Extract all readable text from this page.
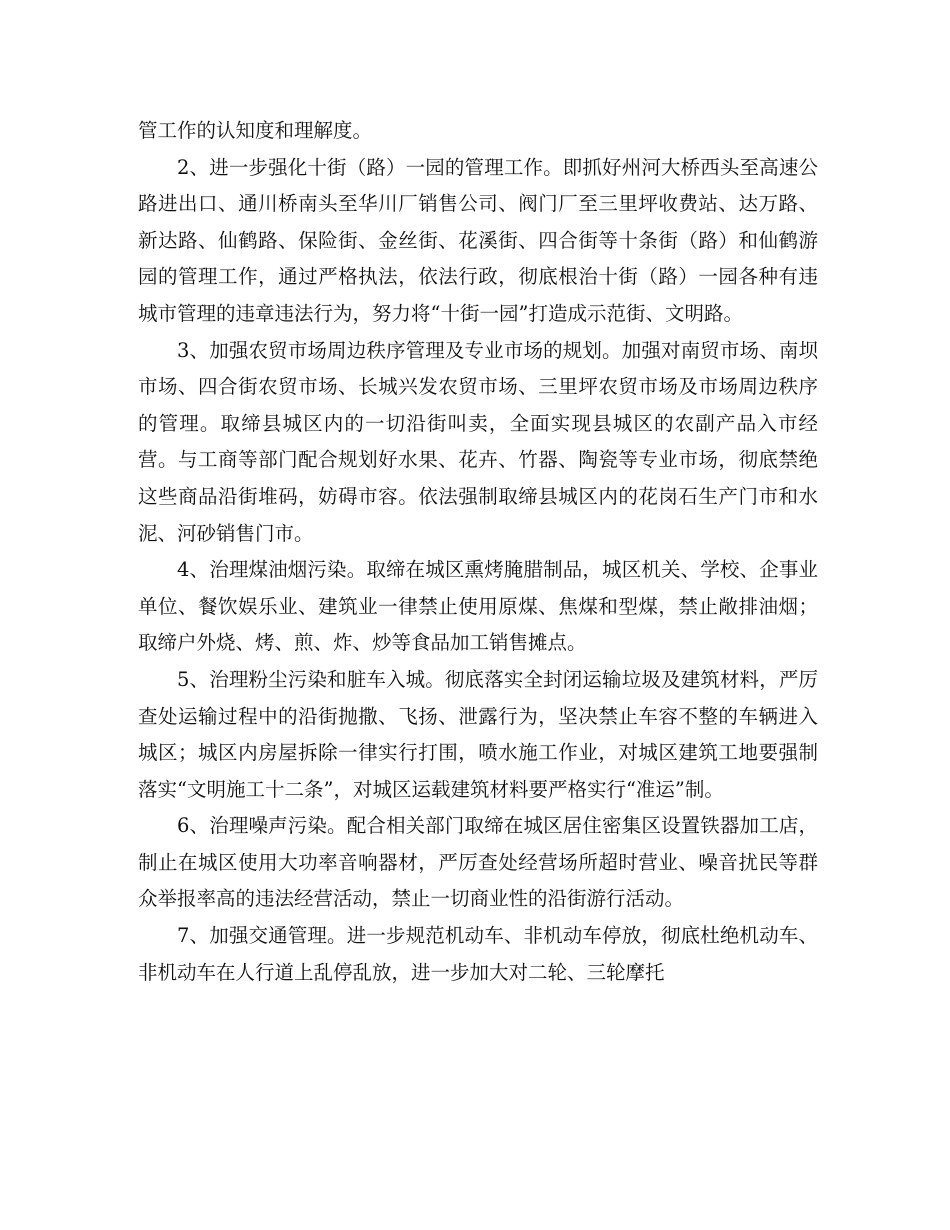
管工作的认知度和理解度。

2、进一步强化十街（路）一园的管理工作。即抓好州河大桥西头至高速公路进出口、通川桥南头至华川厂销售公司、阀门厂至三里坪收费站、达万路、新达路、仙鹤路、保险街、金丝街、花溪街、四合街等十条街（路）和仙鹤游园的管理工作，通过严格执法，依法行政，彻底根治十街（路）一园各种有违城市管理的违章违法行为，努力将“十街一园”打造成示范街、文明路。

3、加强农贸市场周边秩序管理及专业市场的规划。加强对南贸市场、南坝市场、四合街农贸市场、长城兴发农贸市场、三里坪农贸市场及市场周边秩序的管理。取缔县城区内的一切沿街叫卖，全面实现县城区的农副产品入市经营。与工商等部门配合规划好水果、花卉、竹器、陶瓷等专业市场，彻底禁绝这些商品沿街堆码，妨碍市容。依法强制取缔县城区内的花岗石生产门市和水泥、河砂销售门市。

4、治理煤油烟污染。取缔在城区熏烤腌腊制品，城区机关、学校、企事业单位、餐饮娱乐业、建筑业一律禁止使用原煤、焦煤和型煤，禁止敞排油烟；取缔户外烧、烤、煎、炸、炒等食品加工销售摊点。

5、治理粉尘污染和脏车入城。彻底落实全封闭运输垃圾及建筑材料，严厉查处运输过程中的沿街抛撒、飞扬、泄露行为，坚决禁止车容不整的车辆进入城区；城区内房屋拆除一律实行打围，喷水施工作业，对城区建筑工地要强制落实“文明施工十二条”，对城区运载建筑材料要严格实行“准运”制。

6、治理噪声污染。配合相关部门取缔在城区居住密集区设置铁器加工店，制止在城区使用大功率音响器材，严厉查处经营场所超时营业、噪音扰民等群众举报率高的违法经营活动，禁止一切商业性的沿街游行活动。

7、加强交通管理。进一步规范机动车、非机动车停放，彻底杜绝机动车、非机动车在人行道上乱停乱放，进一步加大对二轮、三轮摩托
